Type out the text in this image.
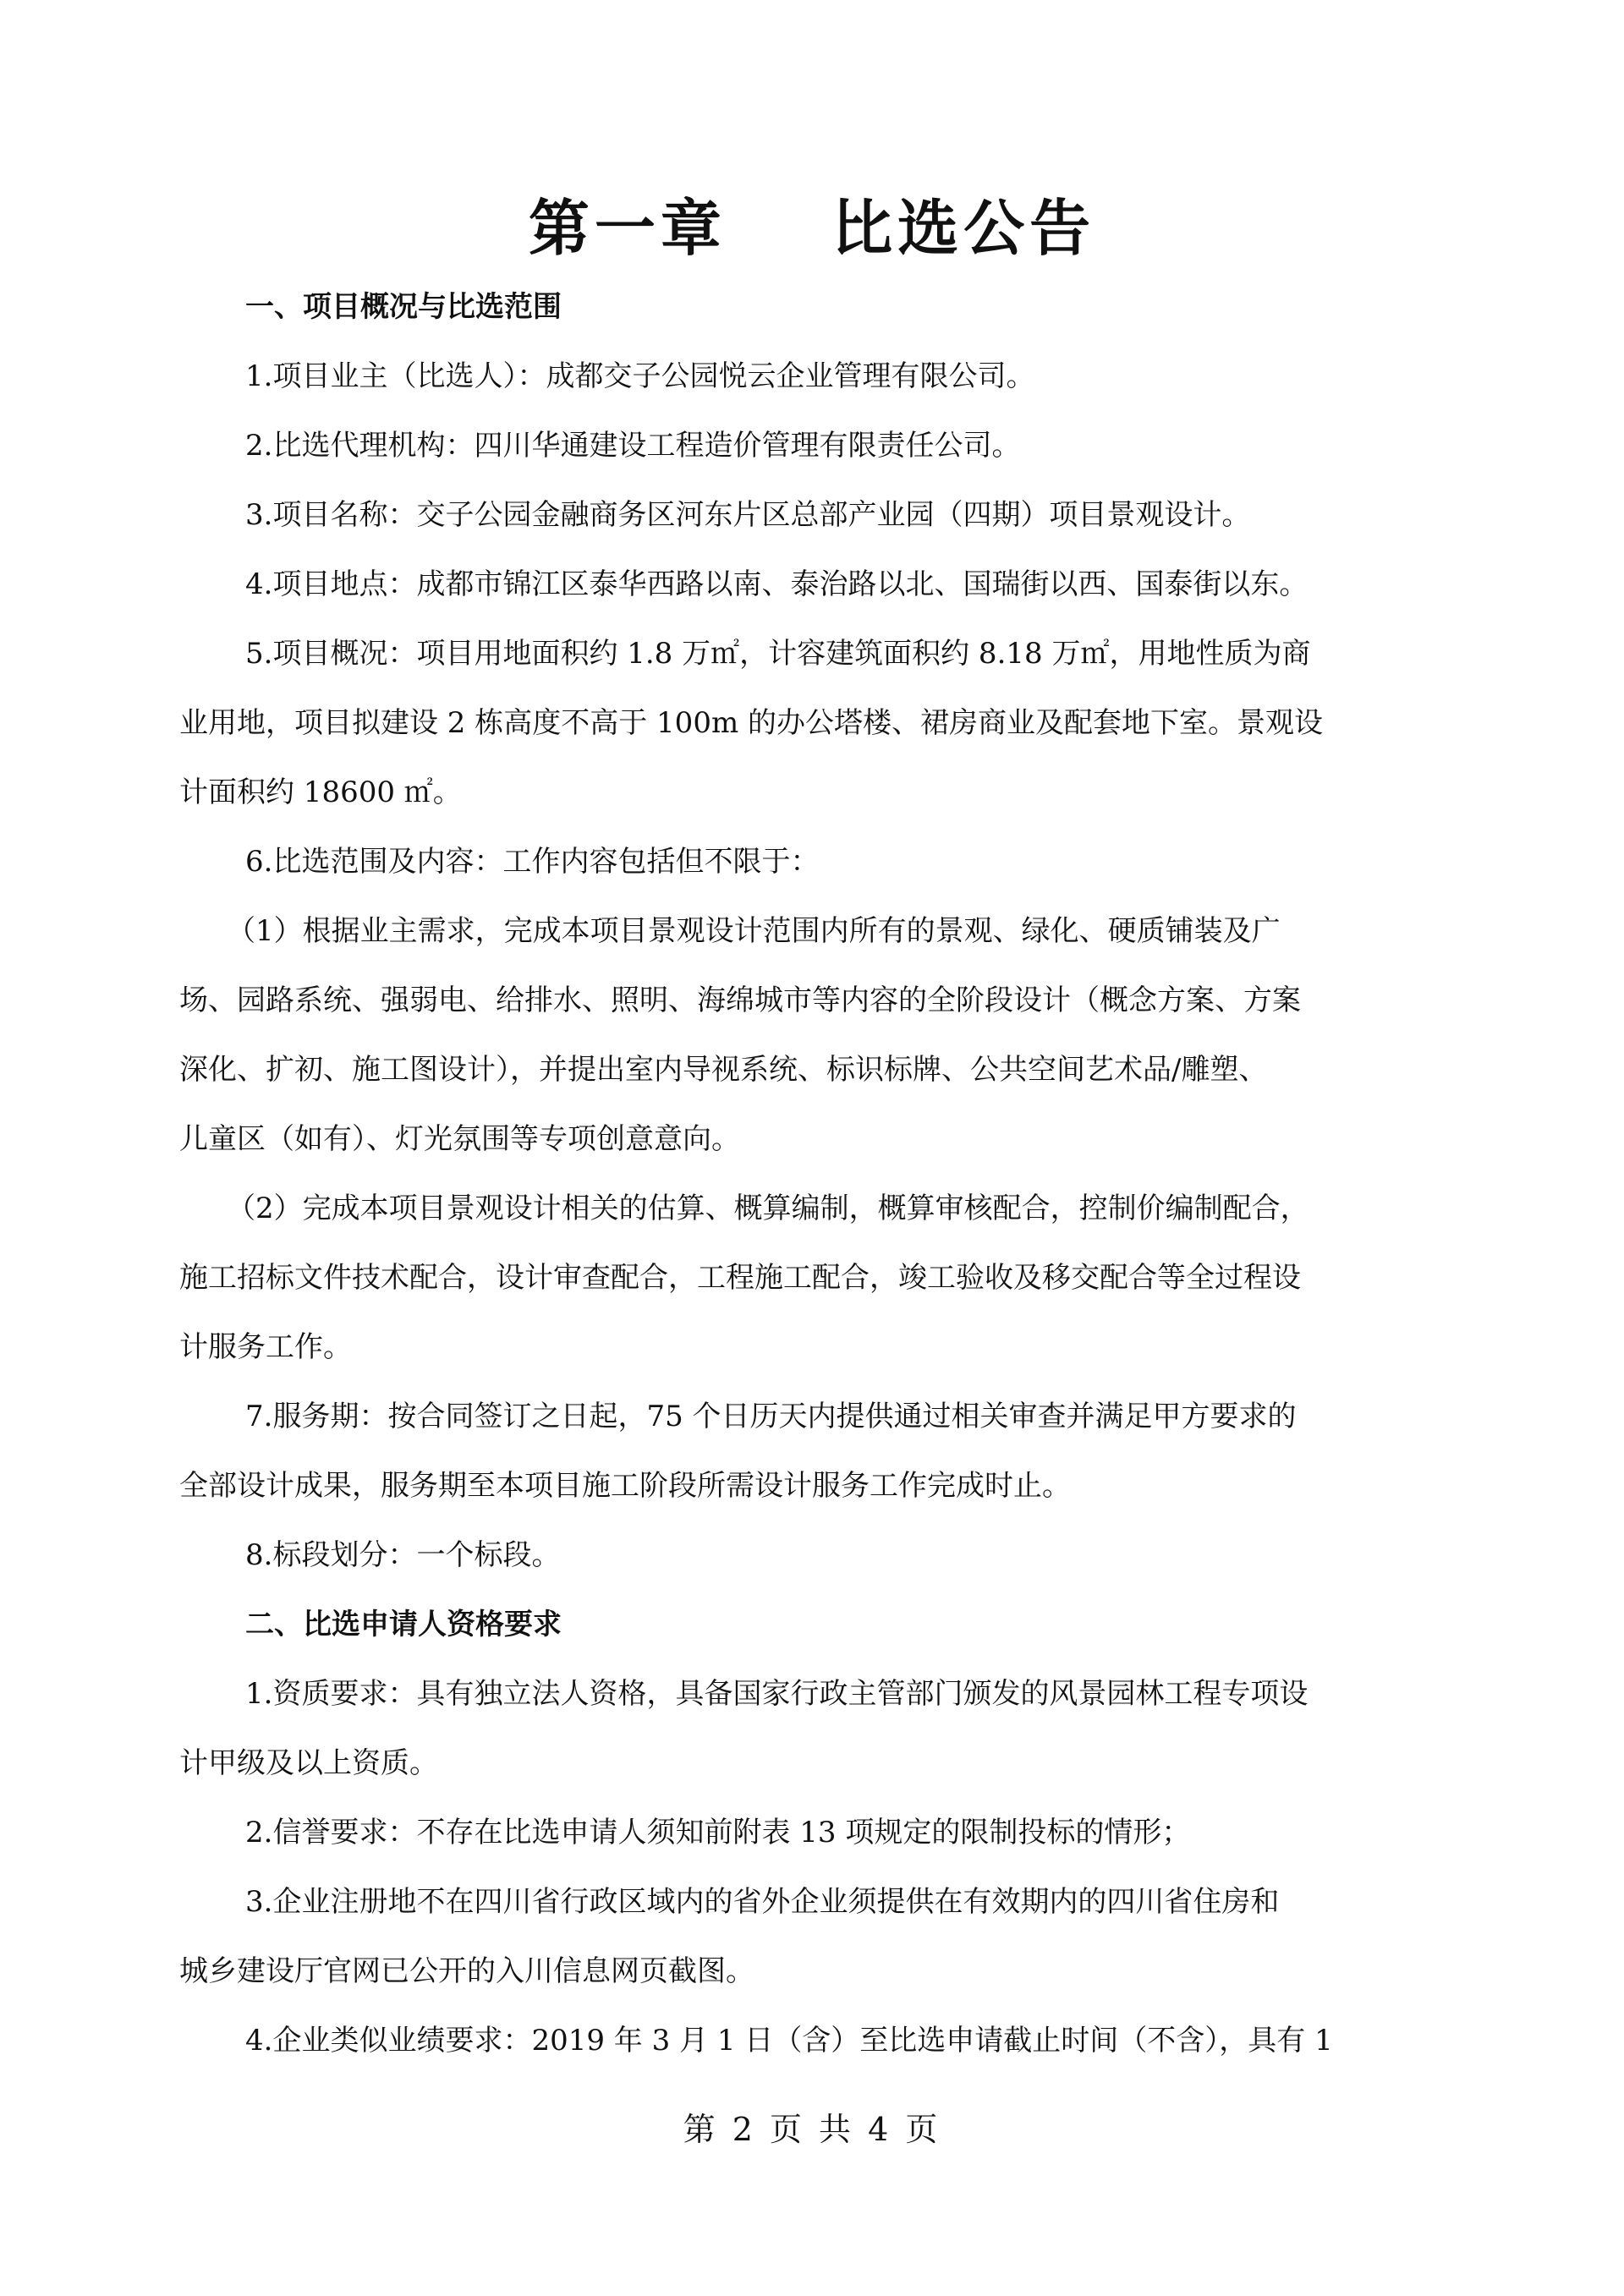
第一章    比选公告
一、项目概况与比选范围
1.项目业主（比选人）：成都交子公园悦云企业管理有限公司。
2.比选代理机构：四川华通建设工程造价管理有限责任公司。
3.项目名称：交子公园金融商务区河东片区总部产业园（四期）项目景观设计。
4.项目地点：成都市锦江区泰华西路以南、泰治路以北、国瑞街以西、国泰街以东。
5.项目概况：项目用地面积约 1.8 万㎡，计容建筑面积约 8.18 万㎡，用地性质为商
业用地，项目拟建设 2 栋高度不高于 100m 的办公塔楼、裙房商业及配套地下室。景观设
计面积约 18600 ㎡。
6.比选范围及内容：工作内容包括但不限于：
（1）根据业主需求，完成本项目景观设计范围内所有的景观、绿化、硬质铺装及广
场、园路系统、强弱电、给排水、照明、海绵城市等内容的全阶段设计（概念方案、方案
深化、扩初、施工图设计），并提出室内导视系统、标识标牌、公共空间艺术品/雕塑、
儿童区（如有）、灯光氛围等专项创意意向。
（2）完成本项目景观设计相关的估算、概算编制，概算审核配合，控制价编制配合，
施工招标文件技术配合，设计审查配合，工程施工配合，竣工验收及移交配合等全过程设
计服务工作。
7.服务期：按合同签订之日起，75 个日历天内提供通过相关审查并满足甲方要求的
全部设计成果，服务期至本项目施工阶段所需设计服务工作完成时止。
8.标段划分：一个标段。
二、比选申请人资格要求
1.资质要求：具有独立法人资格，具备国家行政主管部门颁发的风景园林工程专项设
计甲级及以上资质。
2.信誉要求：不存在比选申请人须知前附表 13 项规定的限制投标的情形；
3.企业注册地不在四川省行政区域内的省外企业须提供在有效期内的四川省住房和
城乡建设厅官网已公开的入川信息网页截图。
4.企业类似业绩要求：2019 年 3 月 1 日（含）至比选申请截止时间（不含），具有 1
第 2 页 共 4 页
